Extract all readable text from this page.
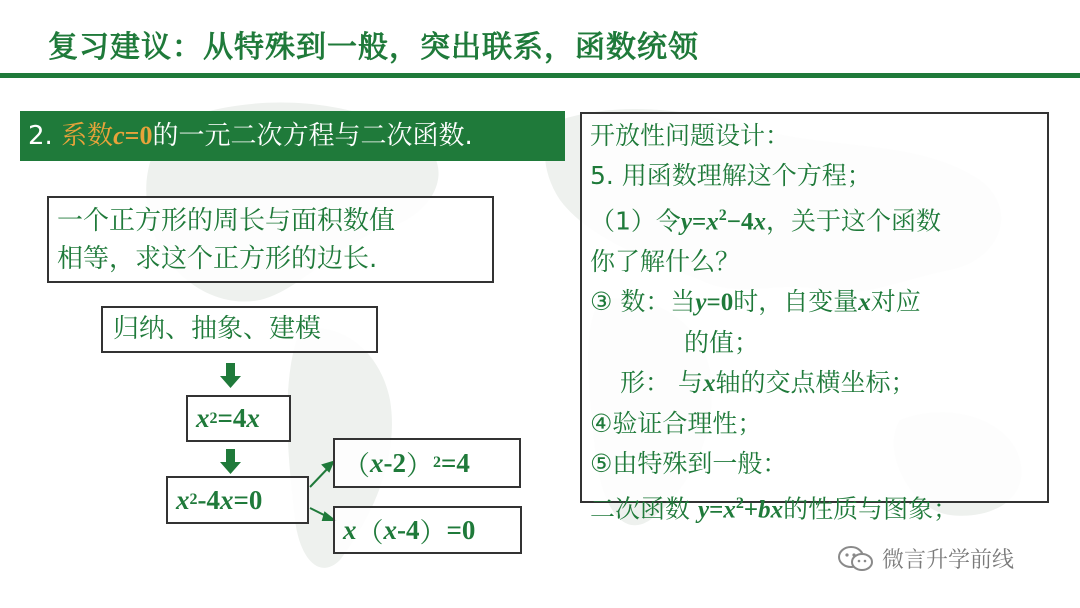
复习建议：从特殊到一般，突出联系，函数统领
2. 系数c=0的一元二次方程与二次函数.
一个正方形的周长与面积数值
相等，求这个正方形的边长.
归纳、抽象、建模
x 2 =4 x
x 2 -4 x =0
（ x -2 ） 2 =4
x （ x -4 ） =0
开放性问题设计：
5. 用函数理解这个方程；
（1）令$y=x^2-4x$，关于这个函数
你了解什么？
③ 数：当y=0时，自变量x对应
的值；
形： 与x轴的交点横坐标；
④验证合理性；
⑤由特殊到一般：
二次函数 $y=x^2+bx$的性质与图象；
微言升学前线
